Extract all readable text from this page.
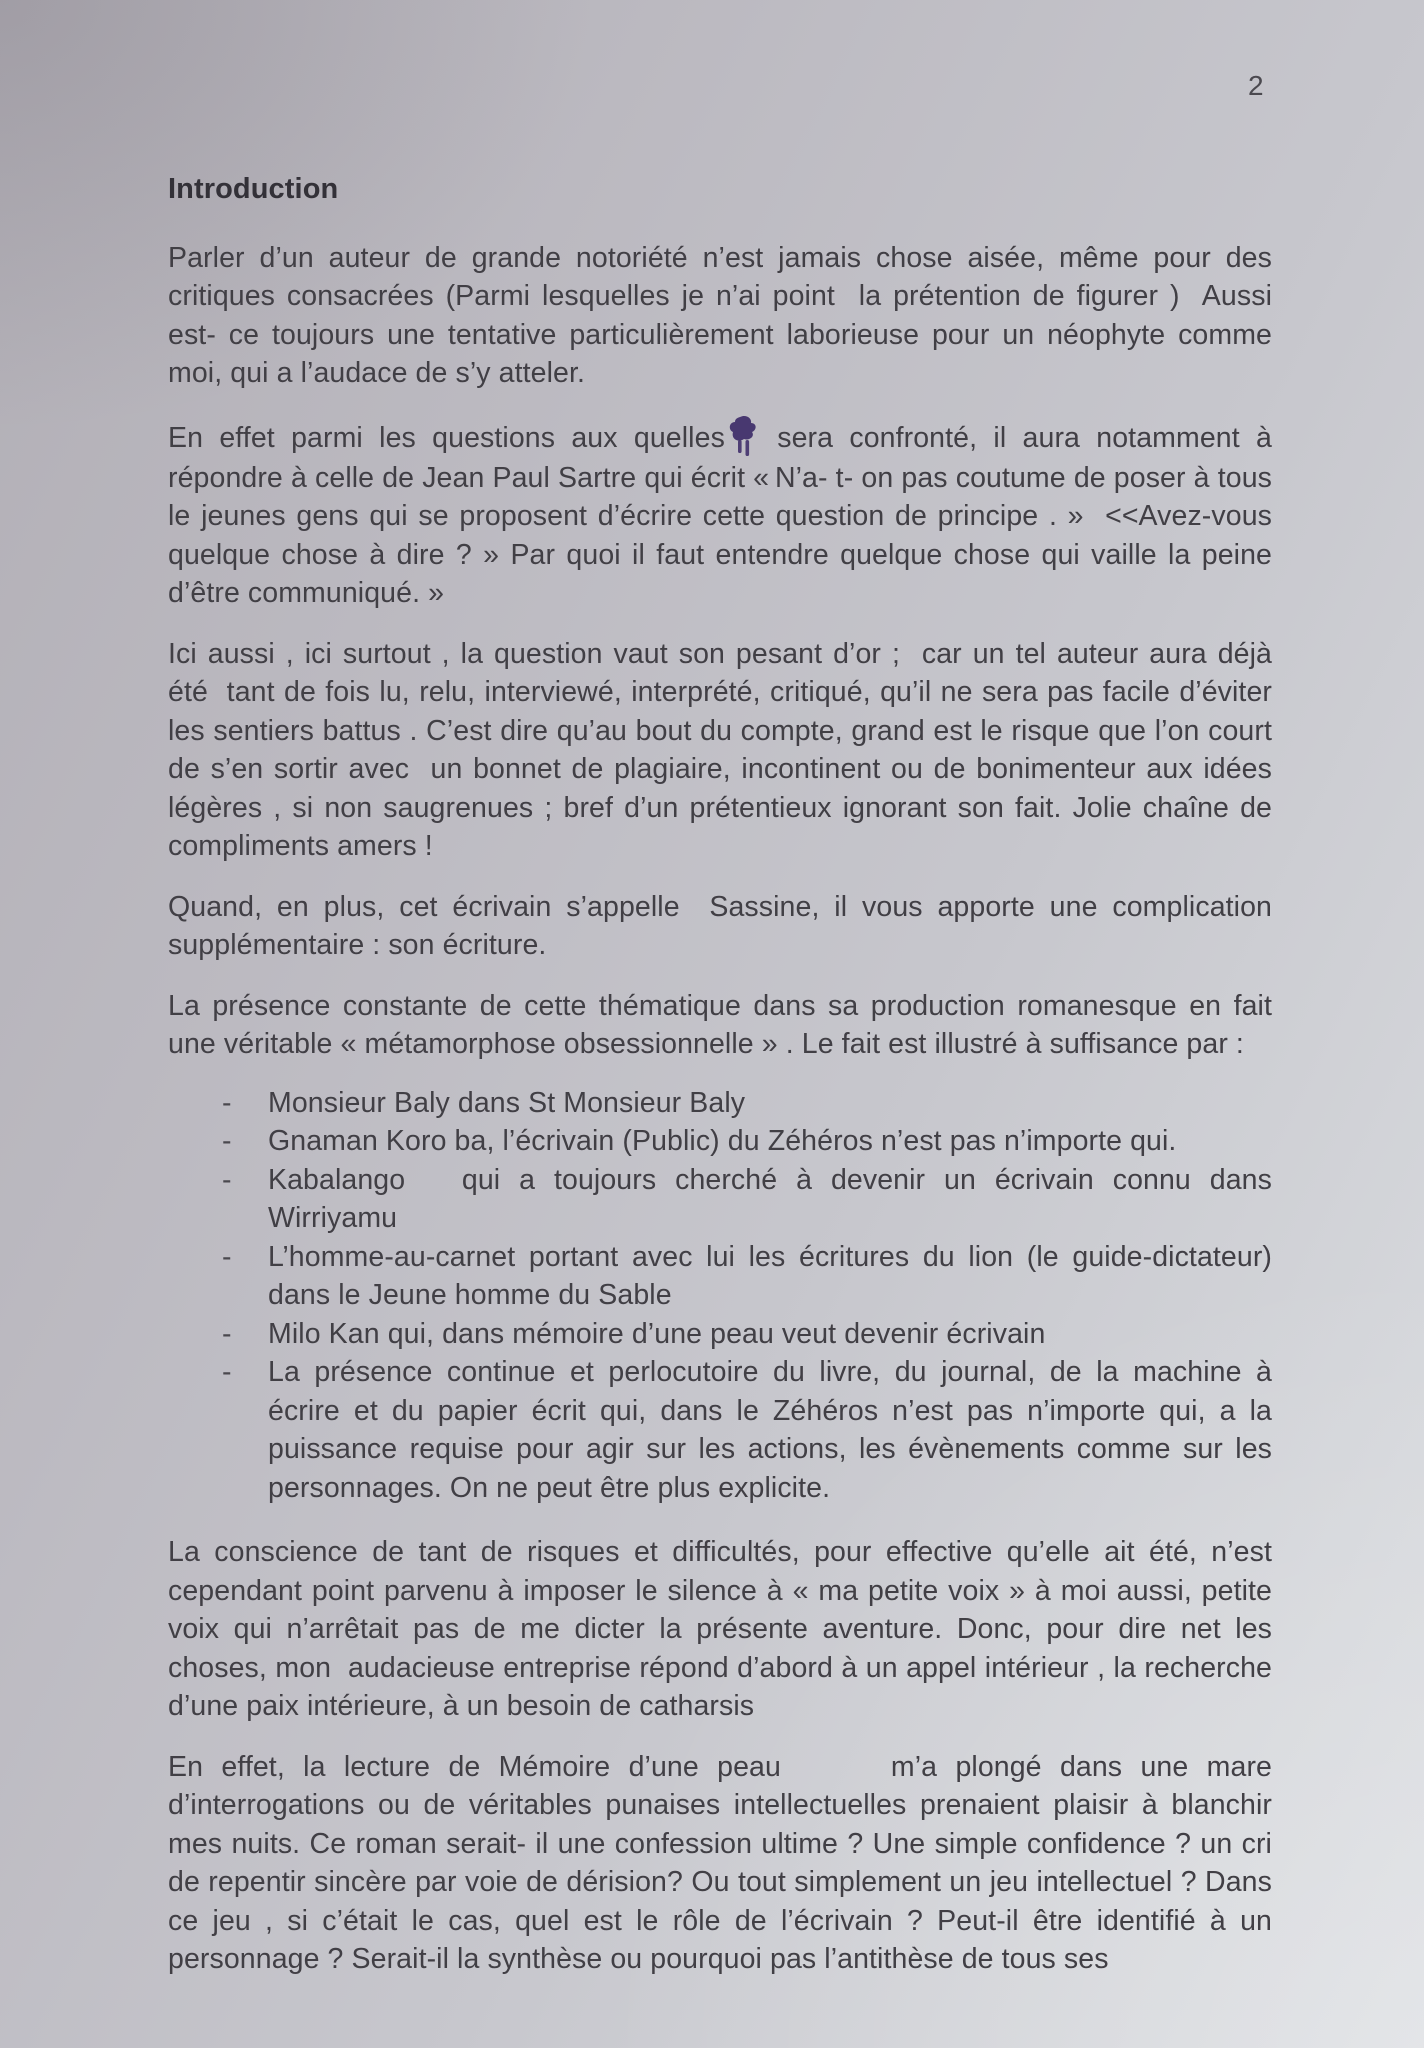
2
Introduction

Parler d’un auteur de grande notoriété n’est jamais chose aisée, même pour des critiques consacrées (Parmi lesquelles je n’ai point  la prétention de figurer )  Aussi est- ce toujours une tentative particulièrement laborieuse pour un néophyte comme moi, qui a l’audace de s’y atteler.

En effet parmi les questions aux quelles sera confronté, il aura notamment à répondre à celle de Jean Paul Sartre qui écrit « N’a- t- on pas coutume de poser à tous le jeunes gens qui se proposent d’écrire cette question de principe . »  <<Avez-vous quelque chose à dire ? » Par quoi il faut entendre quelque chose qui vaille la peine d’être communiqué. »

Ici aussi , ici surtout , la question vaut son pesant d’or ;  car un tel auteur aura déjà été  tant de fois lu, relu, interviewé, interprété, critiqué, qu’il ne sera pas facile d’éviter les sentiers battus . C’est dire qu’au bout du compte, grand est le risque que l’on court de s’en sortir avec  un bonnet de plagiaire, incontinent ou de bonimenteur aux idées légères , si non saugrenues ; bref d’un prétentieux ignorant son fait. Jolie chaîne de compliments amers !

Quand, en plus, cet écrivain s’appelle  Sassine, il vous apporte une complication supplémentaire : son écriture.

La présence constante de cette thématique dans sa production romanesque en fait une véritable « métamorphose obsessionnelle » . Le fait est illustré à suffisance par :

-	Monsieur Baly dans St Monsieur Baly

-	Gnaman Koro ba, l’écrivain (Public) du Zéhéros n’est pas n’importe qui.

-	Kabalango   qui a toujours cherché à devenir un écrivain connu dans Wirriyamu

-	L’homme-au-carnet portant avec lui les écritures du lion (le guide-dictateur) dans le Jeune homme du Sable

-	Milo Kan qui, dans mémoire d’une peau veut devenir écrivain

-	La présence continue et perlocutoire du livre, du journal, de la machine à écrire et du papier écrit qui, dans le Zéhéros n’est pas n’importe qui, a la puissance requise pour agir sur les actions, les évènements comme sur les personnages. On ne peut être plus explicite.

La conscience de tant de risques et difficultés, pour effective qu’elle ait été, n’est cependant point parvenu à imposer le silence à « ma petite voix » à moi aussi, petite voix qui n’arrêtait pas de me dicter la présente aventure. Donc, pour dire net les choses, mon  audacieuse entreprise répond d’abord à un appel intérieur , la recherche d’une paix intérieure, à un besoin de catharsis

En effet, la lecture de Mémoire d’une peau      m’a plongé dans une mare d’interrogations ou de véritables punaises intellectuelles prenaient plaisir à blanchir mes nuits. Ce roman serait- il une confession ultime ? Une simple confidence ? un cri de repentir sincère par voie de dérision? Ou tout simplement un jeu intellectuel ? Dans ce jeu , si c’était le cas, quel est le rôle de l’écrivain ? Peut-il être identifié à un personnage ? Serait-il la synthèse ou pourquoi pas l’antithèse de tous ses
